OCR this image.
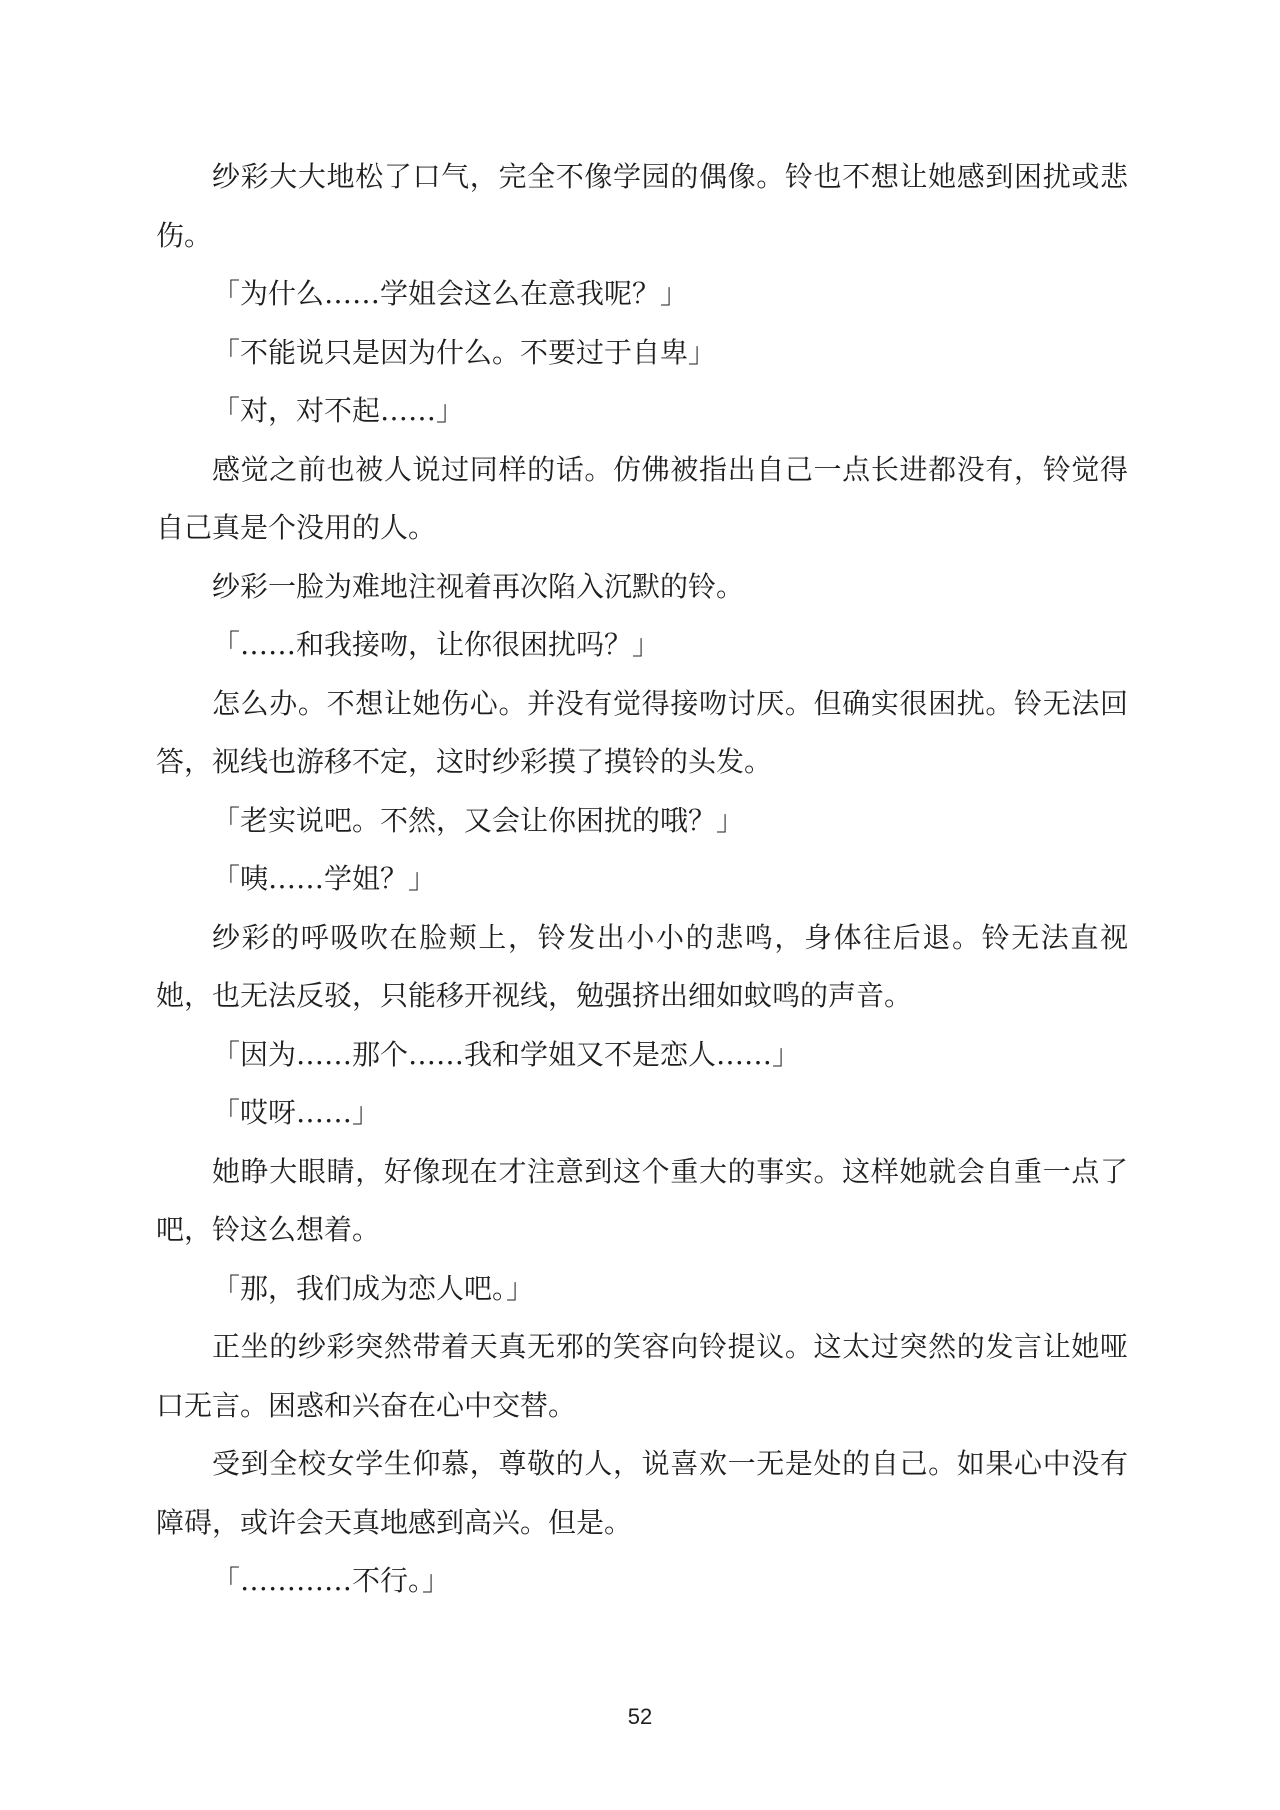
纱彩大大地松了口气，完全不像学园的偶像。铃也不想让她感到困扰或悲伤。

「为什么……学姐会这么在意我呢？」

「不能说只是因为什么。不要过于自卑」

「对，对不起……」

感觉之前也被人说过同样的话。仿佛被指出自己一点长进都没有，铃觉得自己真是个没用的人。

纱彩一脸为难地注视着再次陷入沉默的铃。

「……和我接吻，让你很困扰吗？」

怎么办。不想让她伤心。并没有觉得接吻讨厌。但确实很困扰。铃无法回答，视线也游移不定，这时纱彩摸了摸铃的头发。

「老实说吧。不然，又会让你困扰的哦？」

「咦……学姐？」

纱彩的呼吸吹在脸颊上，铃发出小小的悲鸣，身体往后退。铃无法直视她，也无法反驳，只能移开视线，勉强挤出细如蚊鸣的声音。

「因为……那个……我和学姐又不是恋人……」

「哎呀……」

她睁大眼睛，好像现在才注意到这个重大的事实。这样她就会自重一点了吧，铃这么想着。

「那，我们成为恋人吧。」

正坐的纱彩突然带着天真无邪的笑容向铃提议。这太过突然的发言让她哑口无言。困惑和兴奋在心中交替。

受到全校女学生仰慕，尊敬的人，说喜欢一无是处的自己。如果心中没有障碍，或许会天真地感到高兴。但是。

「…………不行。」

52
